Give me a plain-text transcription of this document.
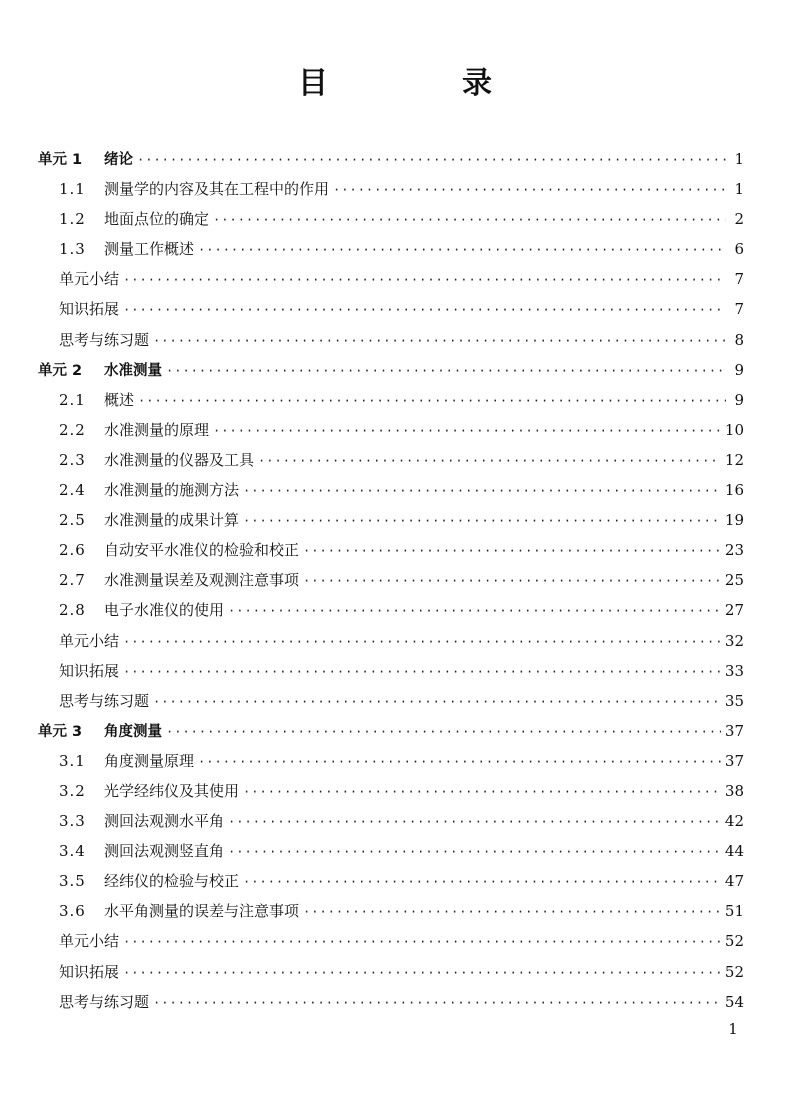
目　录
单元 1	绪论 ·····	1
1.1	测量学的内容及其在工程中的作用 ·····	1
1.2	地面点位的确定 ·····	2
1.3	测量工作概述 ·····	6
单元小结 ·····	7
知识拓展 ·····	7
思考与练习题 ·····	8
单元 2	水准测量 ·····	9
2.1	概述 ·····	9
2.2	水准测量的原理 ·····	10
2.3	水准测量的仪器及工具 ·····	12
2.4	水准测量的施测方法 ·····	16
2.5	水准测量的成果计算 ·····	19
2.6	自动安平水准仪的检验和校正 ·····	23
2.7	水准测量误差及观测注意事项 ·····	25
2.8	电子水准仪的使用 ·····	27
单元小结 ·····	32
知识拓展 ·····	33
思考与练习题 ·····	35
单元 3	角度测量 ·····	37
3.1	角度测量原理 ·····	37
3.2	光学经纬仪及其使用 ·····	38
3.3	测回法观测水平角 ·····	42
3.4	测回法观测竖直角 ·····	44
3.5	经纬仪的检验与校正 ·····	47
3.6	水平角测量的误差与注意事项 ·····	51
单元小结 ·····	52
知识拓展 ·····	52
思考与练习题 ·····	54
1
